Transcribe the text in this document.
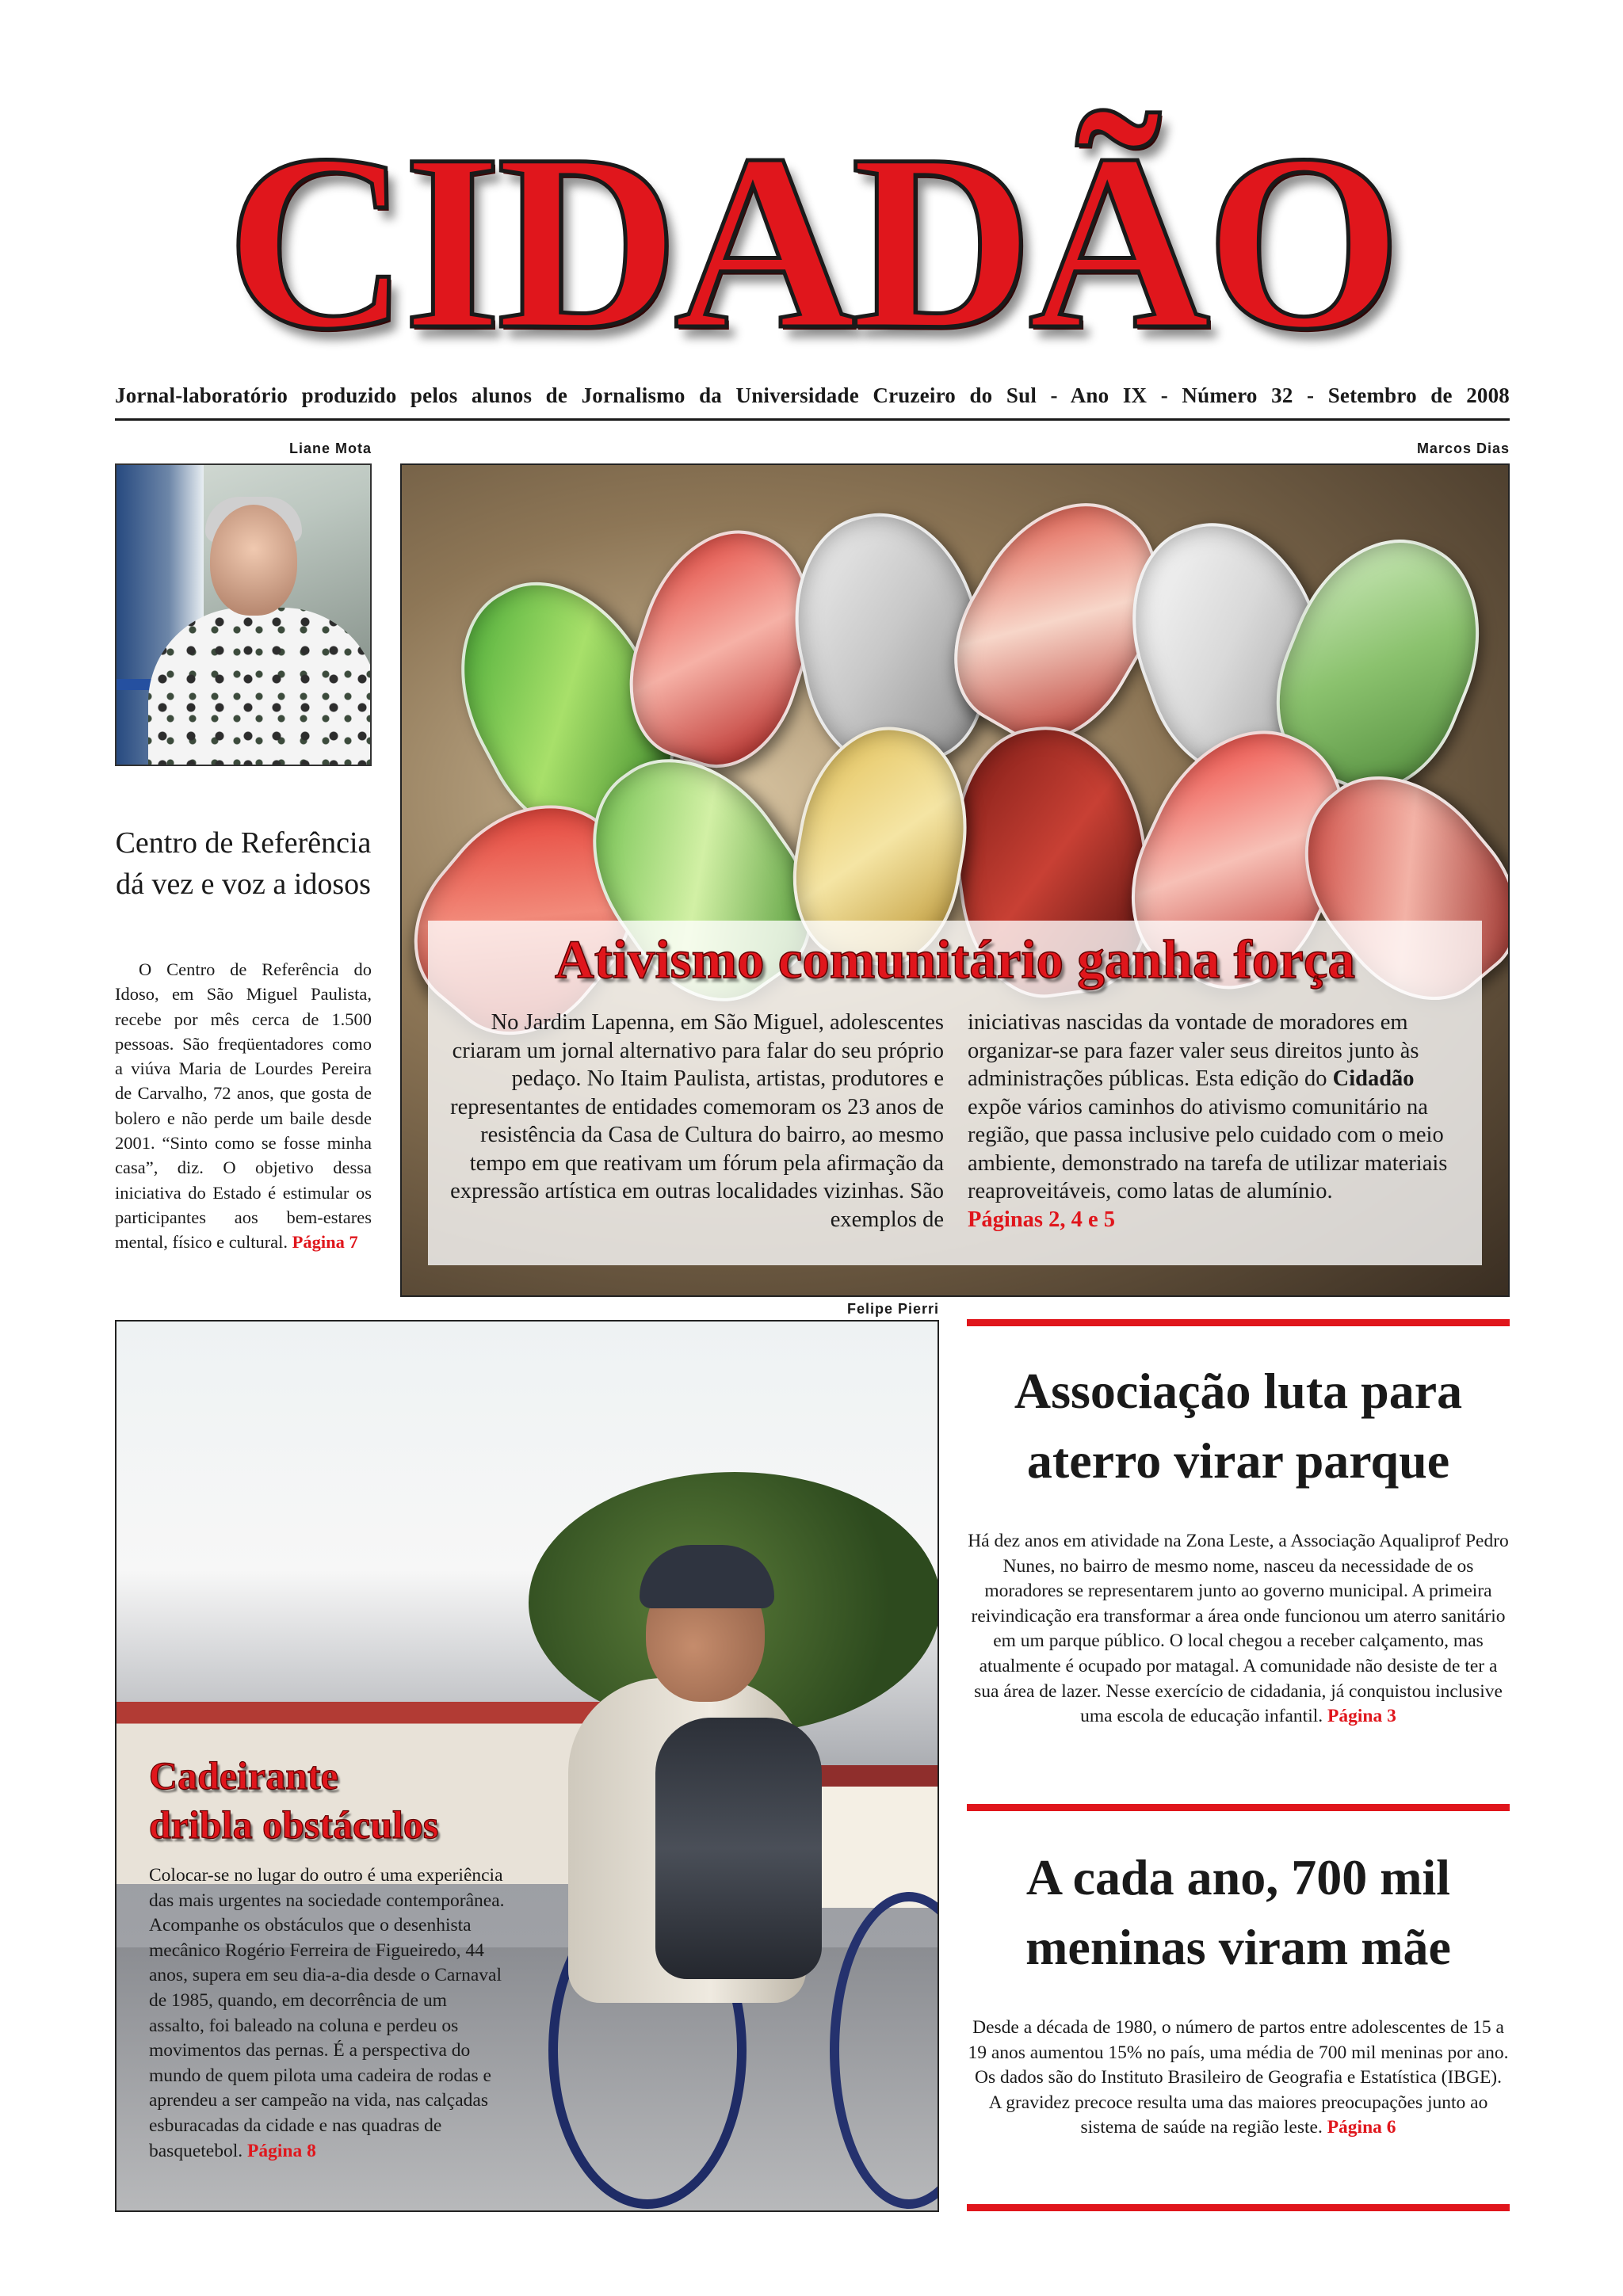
CIDADÃO
Jornal-laboratório produzido pelos alunos de Jornalismo da Universidade Cruzeiro do Sul - Ano IX - Número 32 - Setembro de 2008
Liane Mota	Marcos Dias
Felipe Pierri
Centro de Referência dá vez e voz a idosos

O Centro de Referência do Idoso, em São Miguel Paulista, recebe por mês cerca de 1.500 pessoas. São freqüentadores como a viúva Maria de Lourdes Pereira de Carvalho, 72 anos, que gosta de bolero e não perde um baile desde 2001. “Sinto como se fosse minha casa”, diz. O objetivo dessa iniciativa do Estado é estimular os participantes aos bem-estares mental, físico e cultural. Página 7

Ativismo comunitário ganha força

No Jardim Lapenna, em São Miguel, adolescentes criaram um jornal alternativo para falar do seu próprio pedaço. No Itaim Paulista, artistas, produtores e representantes de entidades comemoram os 23 anos de resistência da Casa de Cultura do bairro, ao mesmo tempo em que reativam um fórum pela afirmação da expressão artística em outras localidades vizinhas. São exemplos de

iniciativas nascidas da vontade de moradores em organizar-se para fazer valer seus direitos junto às administrações públicas. Esta edição do Cidadão expõe vários caminhos do ativismo comunitário na região, que passa inclusive pelo cuidado com o meio ambiente, demonstrado na tarefa de utilizar materiais reaproveitáveis, como latas de alumínio.
Páginas 2, 4 e 5

Cadeirante
dribla obstáculos

Colocar-se no lugar do outro é uma experiência das mais urgentes na sociedade contemporânea. Acompanhe os obstáculos que o desenhista mecânico Rogério Ferreira de Figueiredo, 44 anos, supera em seu dia-a-dia desde o Carnaval de 1985, quando, em decorrência de um assalto, foi baleado na coluna e perdeu os movimentos das pernas. É a perspectiva do mundo de quem pilota uma cadeira de rodas e aprendeu a ser campeão na vida, nas calçadas esburacadas da cidade e nas quadras de basquetebol. Página 8

Associação luta para aterro virar parque

Há dez anos em atividade na Zona Leste, a Associação Aqualiprof Pedro Nunes, no bairro de mesmo nome, nasceu da necessidade de os moradores se representarem junto ao governo municipal. A primeira reivindicação era transformar a área onde funcionou um aterro sanitário em um parque público. O local chegou a receber calçamento, mas atualmente é ocupado por matagal. A comunidade não desiste de ter a sua área de lazer. Nesse exercício de cidadania, já conquistou inclusive uma escola de educação infantil. Página 3

A cada ano, 700 mil meninas viram mãe

Desde a década de 1980, o número de partos entre adolescentes de 15 a 19 anos aumentou 15% no país, uma média de 700 mil meninas por ano. Os dados são do Instituto Brasileiro de Geografia e Estatística (IBGE). A gravidez precoce resulta uma das maiores preocupações junto ao sistema de saúde na região leste. Página 6
